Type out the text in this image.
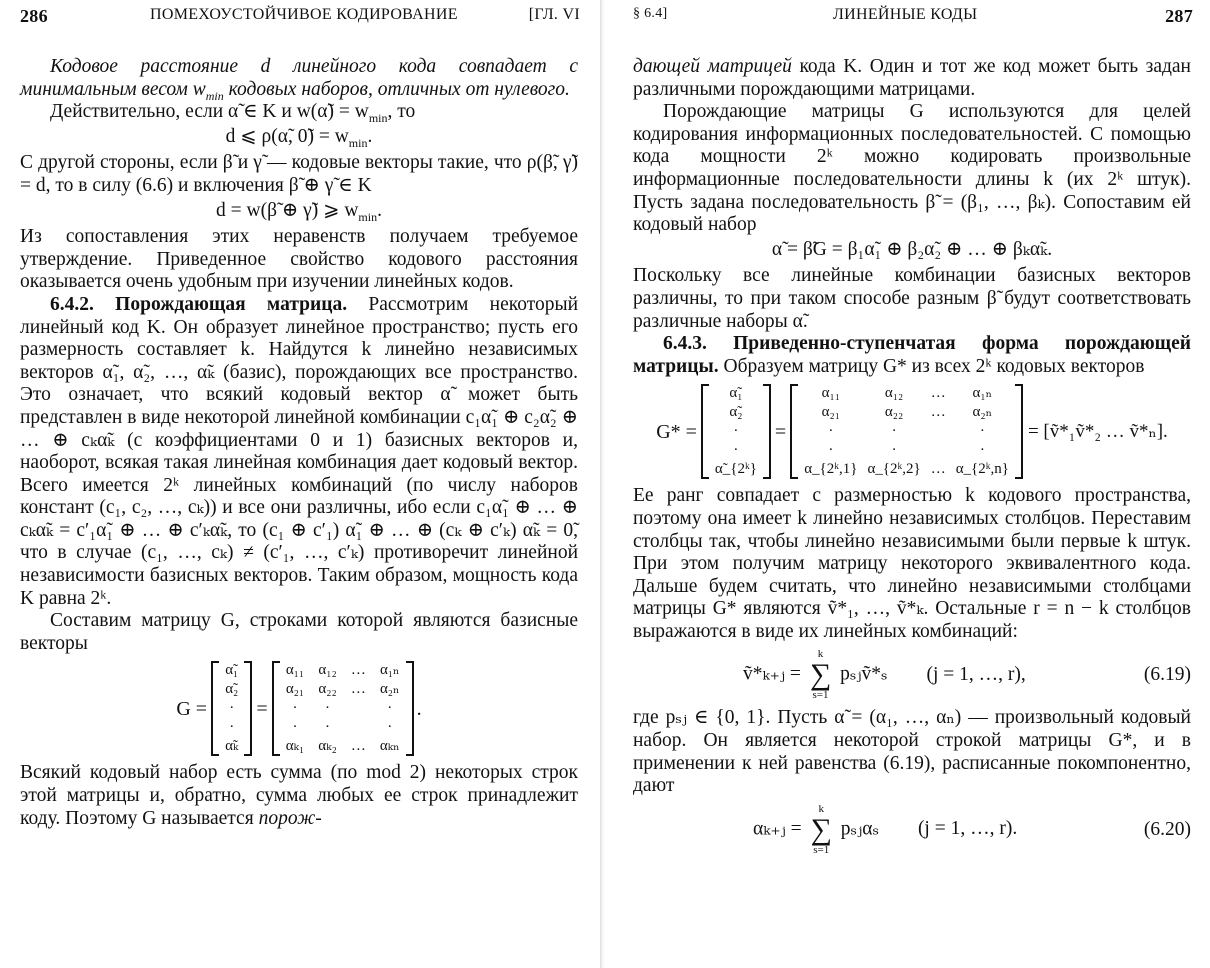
286	ПОМЕХОУСТОЙЧИВОЕ КОДИРОВАНИЕ	[ГЛ. VI

Кодовое расстояние d линейного кода совпадает с минимальным весом $w_{min}$ кодовых наборов, отличных от нулевого.

Действительно, если α̃ ∈ K и w(α̃) = $w_{min}$, то

d ⩽ ρ(α̃, 0̃) = $w_{min}$.

С другой стороны, если β̃ и γ̃ — кодовые векторы такие, что ρ(β̃, γ̃) = d, то в силу (6.6) и включения β̃ ⊕ γ̃ ∈ K

d = w(β̃ ⊕ γ̃) ⩾ $w_{min}$.

Из сопоставления этих неравенств получаем требуемое утверждение. Приведенное свойство кодового расстояния оказывается очень удобным при изучении линейных кодов.

6.4.2. Порождающая матрица. Рассмотрим некоторый линейный код K. Он образует линейное пространство; пусть его размерность составляет k. Найдутся k линейно независимых векторов α̃₁, α̃₂, …, α̃ₖ (базис), порождающих все пространство. Это означает, что всякий кодовый вектор α̃ может быть представлен в виде некоторой линейной комбинации c₁α̃₁ ⊕ c₂α̃₂ ⊕ … ⊕ cₖα̃ₖ (с коэффициентами 0 и 1) базисных векторов и, наоборот, всякая такая линейная комбинация дает кодовый вектор. Всего имеется 2ᵏ линейных комбинаций (по числу наборов констант (c₁, c₂, …, cₖ)) и все они различны, ибо если c₁α̃₁ ⊕ … ⊕ cₖα̃ₖ = c′₁α̃₁ ⊕ … ⊕ c′ₖα̃ₖ, то (c₁ ⊕ c′₁) α̃₁ ⊕ … ⊕ (cₖ ⊕ c′ₖ) α̃ₖ = 0̃, что в случае (c₁, …, cₖ) ≠ (c′₁, …, c′ₖ) противоречит линейной независимости базисных векторов. Таким образом, мощность кода K равна 2ᵏ.

Составим матрицу G, строками которой являются базисные векторы

G =
α̃₁
α̃₂
·
·
α̃ₖ
=
α₁₁ α₁₂ … α₁ₙ
α₂₁ α₂₂ … α₂ₙ
·	·	·
·	·	·
αₖ₁ αₖ₂ … αₖₙ
.

Всякий кодовый набор есть сумма (по mod 2) некоторых строк этой матрицы и, обратно, сумма любых ее строк принадлежит коду. Поэтому G называется порож-

§ 6.4]	ЛИНЕЙНЫЕ КОДЫ	287

дающей матрицей кода K. Один и тот же код может быть задан различными порождающими матрицами.

Порождающие матрицы G используются для целей кодирования информационных последовательностей. С помощью кода мощности 2ᵏ можно кодировать произвольные информационные последовательности длины k (их 2ᵏ штук). Пусть задана последовательность β̃ = (β₁, …, βₖ). Сопоставим ей кодовый набор

α̃ = β̃G = β₁α̃₁ ⊕ β₂α̃₂ ⊕ … ⊕ βₖα̃ₖ.

Поскольку все линейные комбинации базисных векторов различны, то при таком способе разным β̃ будут соответствовать различные наборы α̃.

6.4.3. Приведенно-ступенчатая форма порождающей матрицы. Образуем матрицу G* из всех 2ᵏ кодовых векторов

G* =
α̃₁
α̃₂
·
·
α̃_{2ᵏ}
=
α₁₁	α₁₂	…	α₁ₙ
α₂₁	α₂₂	…	α₂ₙ
·	·	·
·	·	·
α_{2ᵏ,1} α_{2ᵏ,2} … α_{2ᵏ,n}
= [ṽ*₁ṽ*₂ … ṽ*ₙ].

Ее ранг совпадает с размерностью k кодового пространства, поэтому она имеет k линейно независимых столбцов. Переставим столбцы так, чтобы линейно независимыми были первые k штук. При этом получим матрицу некоторого эквивалентного кода. Дальше будем считать, что линейно независимыми столбцами матрицы G* являются ṽ*₁, …, ṽ*ₖ. Остальные r = n − k столбцов выражаются в виде их линейных комбинаций:

ṽ*ₖ₊ⱼ =
k
∑
s=1
pₛⱼṽ*ₛ (j = 1, …, r),	(6.19)

где pₛⱼ ∈ {0, 1}. Пусть α̃ = (α₁, …, αₙ) — произвольный кодовый набор. Он является некоторой строкой матрицы G*, и в применении к ней равенства (6.19), расписанные покомпонентно, дают

αₖ₊ⱼ =
k
∑
s=1
pₛⱼαₛ (j = 1, …, r).	(6.20)
